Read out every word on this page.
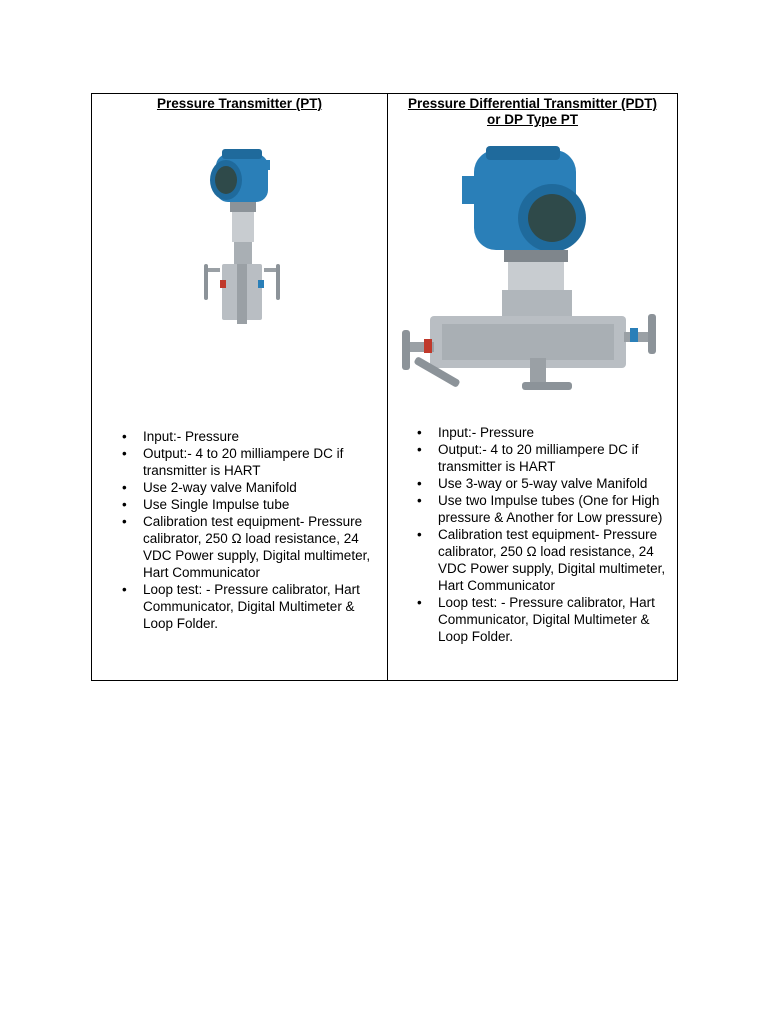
Pressure Transmitter (PT)
• Input:- Pressure
• Output:- 4 to 20 milliampere DC if transmitter is HART
• Use 2-way valve Manifold
• Use Single Impulse tube
• Calibration test equipment- Pressure calibrator, 250 Ω load resistance, 24 VDC Power supply, Digital multimeter, Hart Communicator
• Loop test: - Pressure calibrator, Hart Communicator, Digital Multimeter & Loop Folder.
Pressure Differential Transmitter (PDT)
or DP Type PT
• Input:- Pressure
• Output:- 4 to 20 milliampere DC if transmitter is HART
• Use 3-way or 5-way valve Manifold
• Use two Impulse tubes (One for High pressure & Another for Low pressure)
• Calibration test equipment- Pressure calibrator, 250 Ω load resistance, 24 VDC Power supply, Digital multimeter, Hart Communicator
• Loop test: - Pressure calibrator, Hart Communicator, Digital Multimeter & Loop Folder.
